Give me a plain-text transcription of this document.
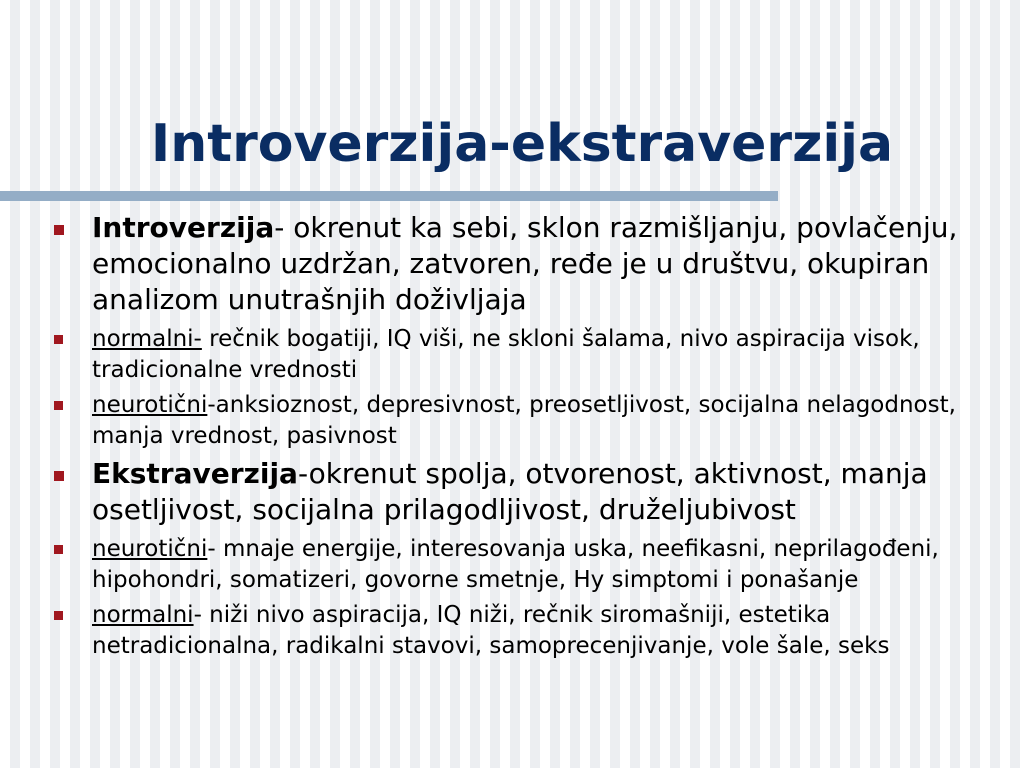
Introverzija-ekstraverzija
Introverzija- okrenut ka sebi, sklon razmišljanju, povlačenju, emocionalno uzdržan, zatvoren, ređe je u društvu, okupiran analizom unutrašnjih doživljaja
normalni- rečnik bogatiji, IQ viši, ne skloni šalama, nivo aspiracija visok, tradicionalne vrednosti
neurotični-anksioznost, depresivnost, preosetljivost, socijalna nelagodnost, manja vrednost, pasivnost
Ekstraverzija-okrenut spolja, otvorenost, aktivnost, manja osetljivost, socijalna prilagodljivost, druželjubivost
neurotični- mnaje energije, interesovanja uska, neefikasni, neprilagođeni, hipohondri, somatizeri, govorne smetnje, Hy simptomi i ponašanje
normalni- niži nivo aspiracija, IQ niži, rečnik siromašniji, estetika netradicionalna, radikalni stavovi, samoprecenjivanje, vole šale, seks
